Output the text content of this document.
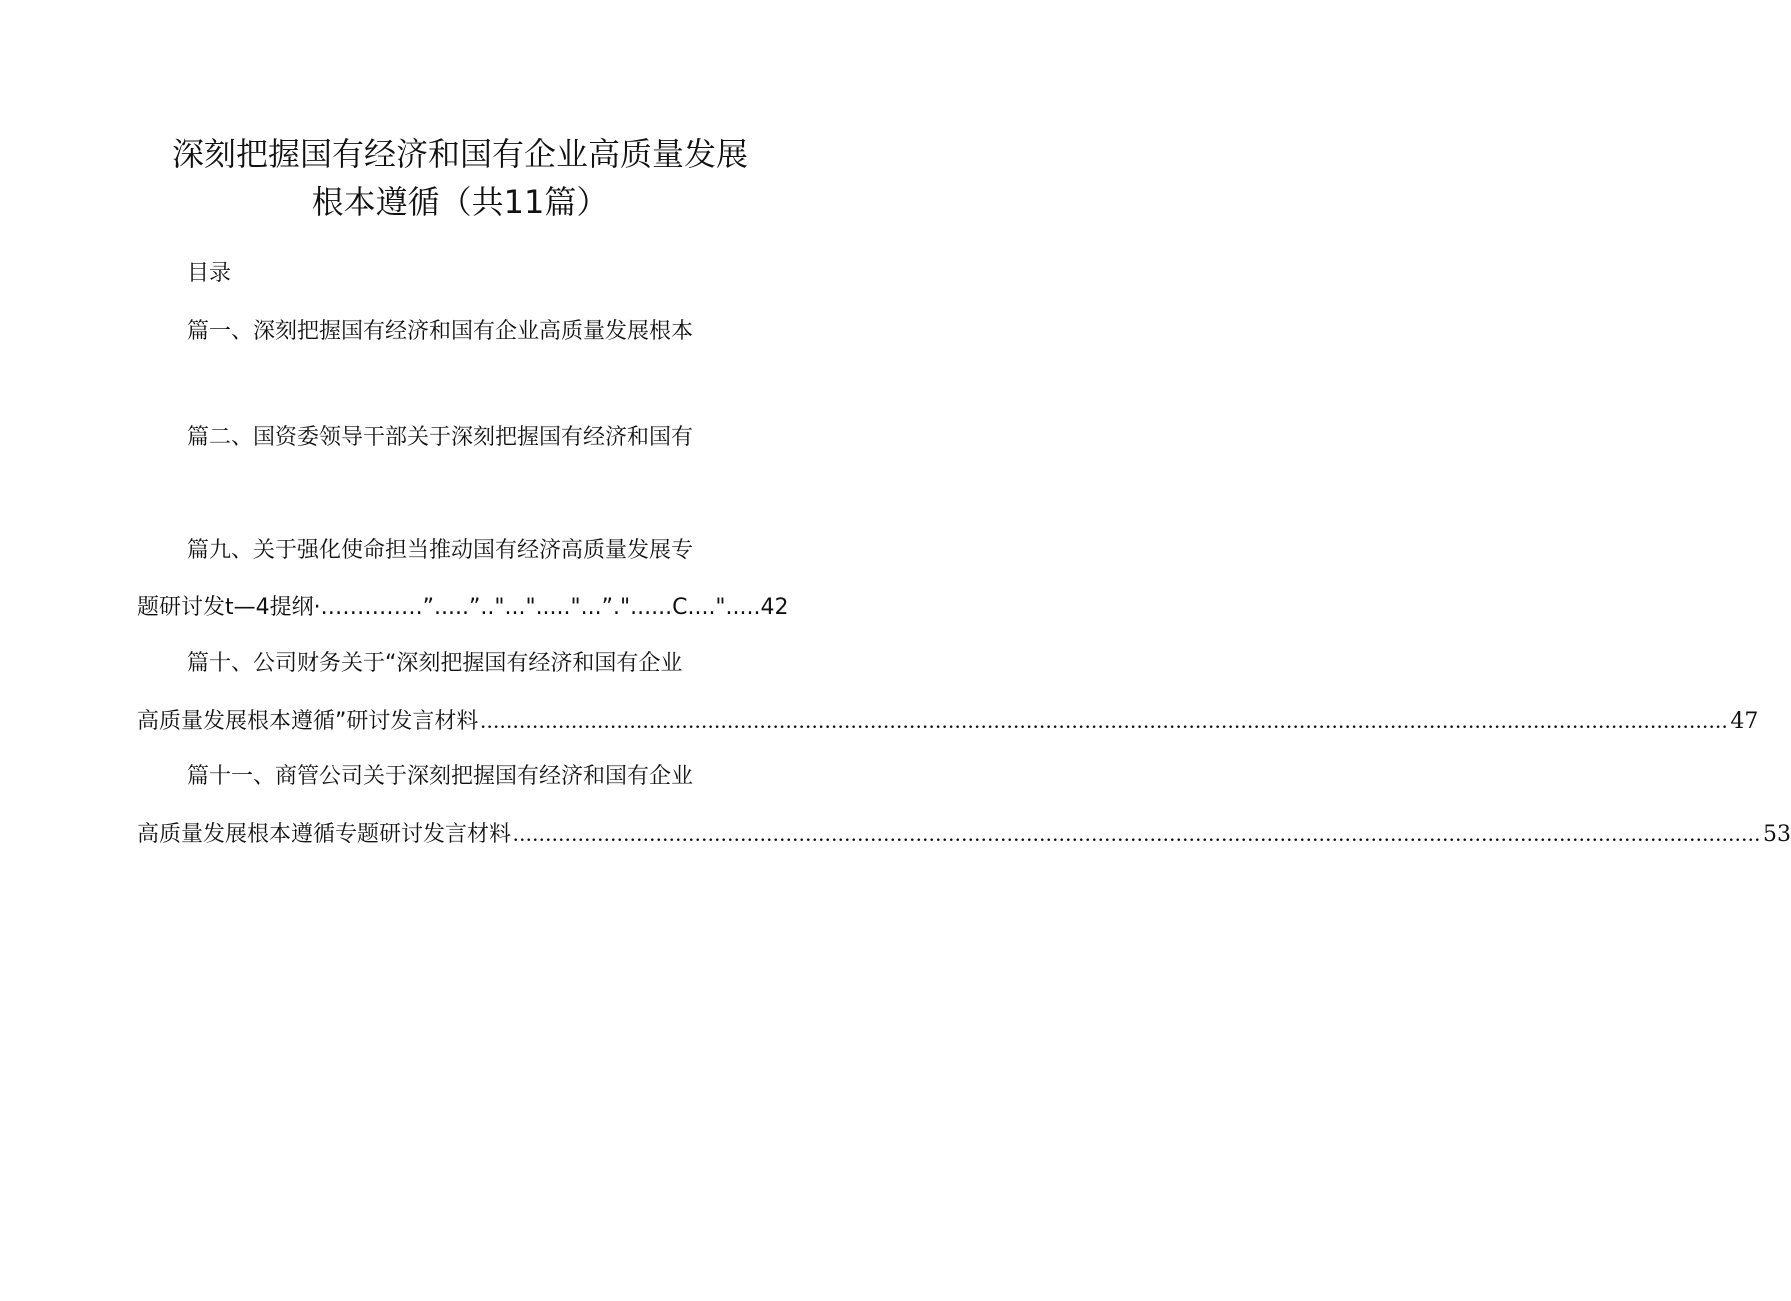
深刻把握国有经济和国有企业高质量发展
根本遵循（共11篇）
目录
篇一、深刻把握国有经济和国有企业高质量发展根本
篇二、国资委领导干部关于深刻把握国有经济和国有
篇九、关于强化使命担当推动国有经济高质量发展专
题研讨发t—4提纲·.………….”.....”.."..."....."...”."......C....".....42
篇十、公司财务关于“深刻把握国有经济和国有企业
高质量发展根本遵循”研讨发言材料 .....	47
篇十一、商管公司关于深刻把握国有经济和国有企业
高质量发展根本遵循专题研讨发言材料 .....	53
